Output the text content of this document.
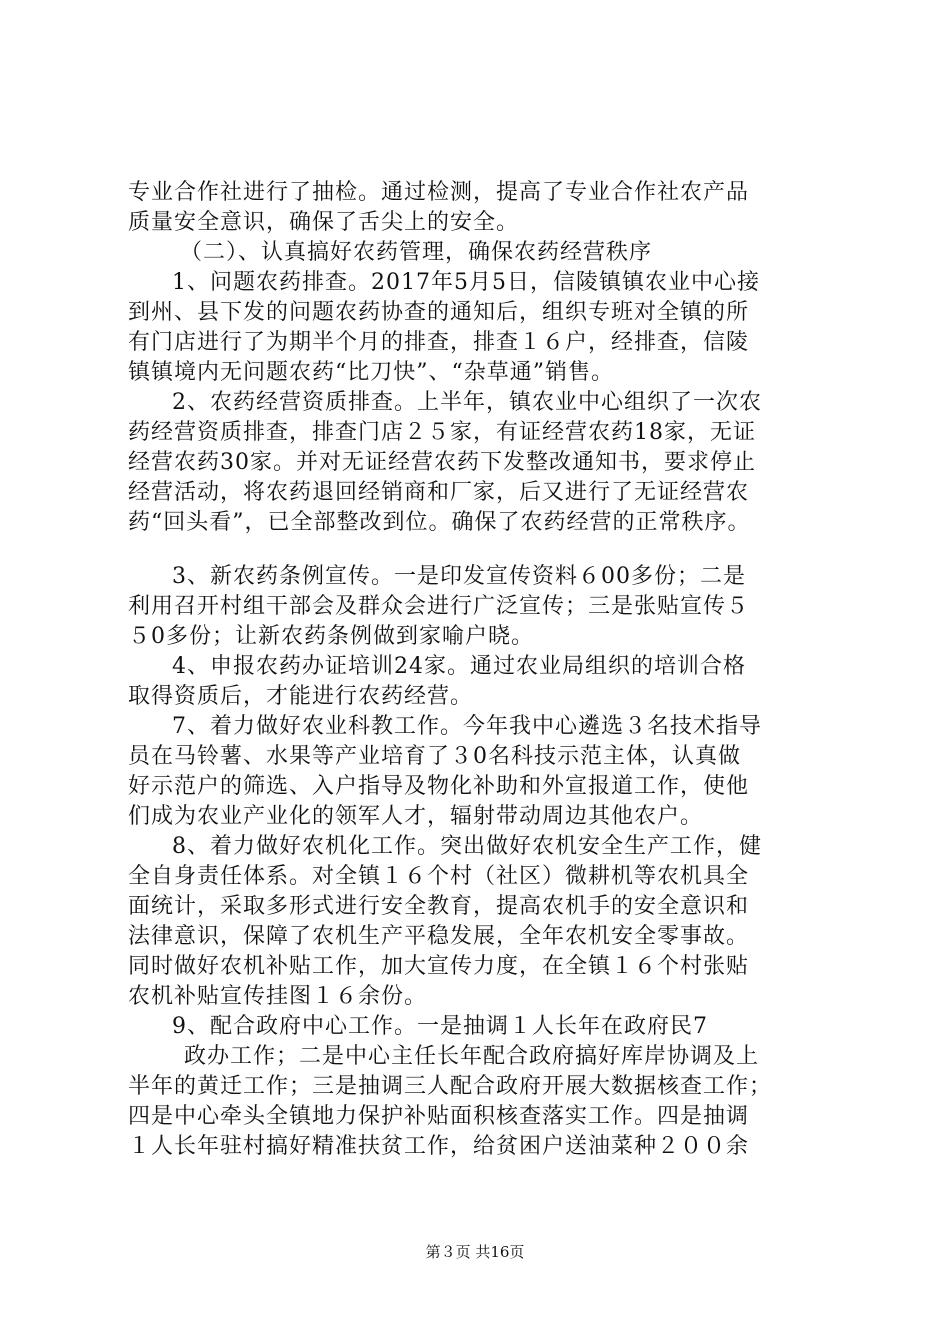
专业合作社进行了抽检。通过检测，提高了专业合作社农产品
质量安全意识，确保了舌尖上的安全。
（二）、认真搞好农药管理，确保农药经营秩序
1、问题农药排查。2017年5月5日，信陵镇镇农业中心接
到州、县下发的问题农药协查的通知后，组织专班对全镇的所
有门店进行了为期半个月的排查，排查１６户，经排查，信陵
镇镇境内无问题农药“比刀快”、“杂草通”销售。
2、农药经营资质排查。上半年，镇农业中心组织了一次农
药经营资质排查，排查门店２５家，有证经营农药18家，无证
经营农药30家。并对无证经营农药下发整改通知书，要求停止
经营活动，将农药退回经销商和厂家，后又进行了无证经营农
药“回头看”，已全部整改到位。确保了农药经营的正常秩序。
3、新农药条例宣传。一是印发宣传资料６00多份；二是
利用召开村组干部会及群众会进行广泛宣传；三是张贴宣传５
５0多份；让新农药条例做到家喻户晓。
4、申报农药办证培训24家。通过农业局组织的培训合格
取得资质后，才能进行农药经营。
7、着力做好农业科教工作。今年我中心遴选３名技术指导
员在马铃薯、水果等产业培育了３0名科技示范主体，认真做
好示范户的筛选、入户指导及物化补助和外宣报道工作，使他
们成为农业产业化的领军人才，辐射带动周边其他农户。
8、着力做好农机化工作。突出做好农机安全生产工作，健
全自身责任体系。对全镇１６个村（社区）微耕机等农机具全
面统计，采取多形式进行安全教育，提高农机手的安全意识和
法律意识，保障了农机生产平稳发展，全年农机安全零事故。
同时做好农机补贴工作，加大宣传力度，在全镇１６个村张贴
农机补贴宣传挂图１６余份。
9、配合政府中心工作。一是抽调１人长年在政府民7
政办工作；二是中心主任长年配合政府搞好库岸协调及上
半年的黄迁工作；三是抽调三人配合政府开展大数据核查工作；
四是中心牵头全镇地力保护补贴面积核查落实工作。四是抽调
１人长年驻村搞好精准扶贫工作，给贫困户送油菜种２００余
第３页 共16页
